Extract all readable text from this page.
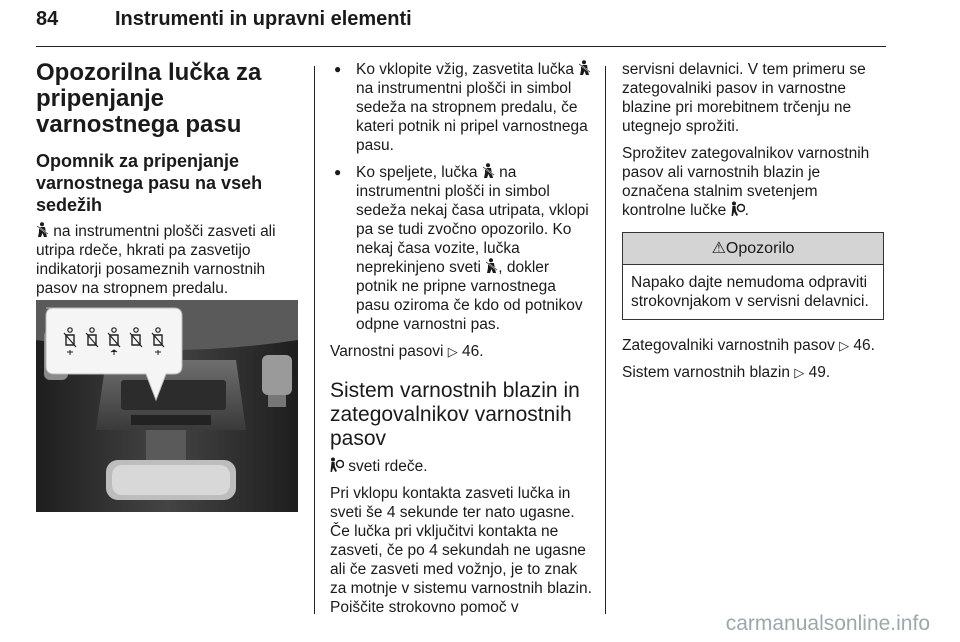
84	Instrumenti in upravni elementi
Opozorilna lučka za pripenjanje varnostnega pasu
Opomnik za pripenjanje varnostnega pasu na vseh sedežih

na instrumentni plošči zasveti ali utripa rdeče, hkrati pa zasvetijo indikatorji posameznih varnostnih pasov na stropnem predalu.

● Ko vklopite vžig, zasvetita lučka  na instrumentni plošči in simbol sedeža na stropnem predalu, če kateri potnik ni pripel varnostnega pasu.
● Ko speljete, lučka  na instrumentni plošči in simbol sedeža nekaj časa utripata, vklopi pa se tudi zvočno opozorilo. Ko nekaj časa vozite, lučka neprekinjeno sveti , dokler potnik ne pripne varnostnega pasu oziroma če kdo od potnikov odpne varnostni pas.

Varnostni pasovi ▷ 46.

Sistem varnostnih blazin in zategovalnikov varnostnih pasov

sveti rdeče.

Pri vklopu kontakta zasveti lučka in sveti še 4 sekunde ter nato ugasne. Če lučka pri vključitvi kontakta ne zasveti, če po 4 sekundah ne ugasne ali če zasveti med vožnjo, je to znak za motnje v sistemu varnostnih blazin. Poiščite strokovno pomoč v

servisni delavnici. V tem primeru se zategovalniki pasov in varnostne blazine pri morebitnem trčenju ne utegnejo sprožiti.

Sprožitev zategovalnikov varnostnih pasov ali varnostnih blazin je označena stalnim svetenjem kontrolne lučke .

⚠Opozorilo
Napako dajte nemudoma odpraviti strokovnjakom v servisni delavnici.

Zategovalniki varnostnih pasov ▷ 46.

Sistem varnostnih blazin ▷ 49.

carmanualsonline.info
